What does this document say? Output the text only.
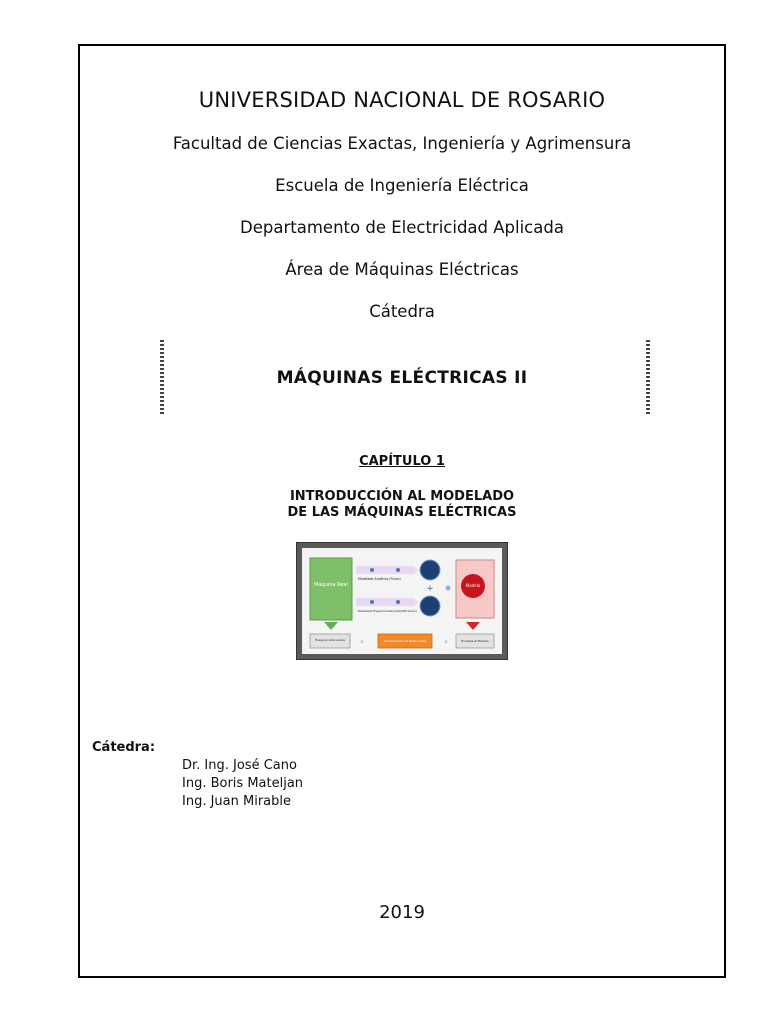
UNIVERSIDAD NACIONAL DE ROSARIO
Facultad de Ciencias Exactas, Ingeniería y Agrimensura
Escuela de Ingeniería Eléctrica
Departamento de Electricidad Aplicada
Área de Máquinas Eléctricas
Cátedra
MÁQUINAS ELÉCTRICAS II
CAPÍTULO 1
INTRODUCCIÓN AL MODELADO
DE LAS MÁQUINAS ELÉCTRICAS
Máquina Real
Modelado Analítico (Físico)
Modelado Experimental (Identificación)
+	Modelo
Ensayos Adecuados ›	Comparación de Respuestas ‹	Pruebas al Modelo
Cátedra:
Dr. Ing. José Cano
Ing. Boris Mateljan
Ing. Juan Mirable
2019
